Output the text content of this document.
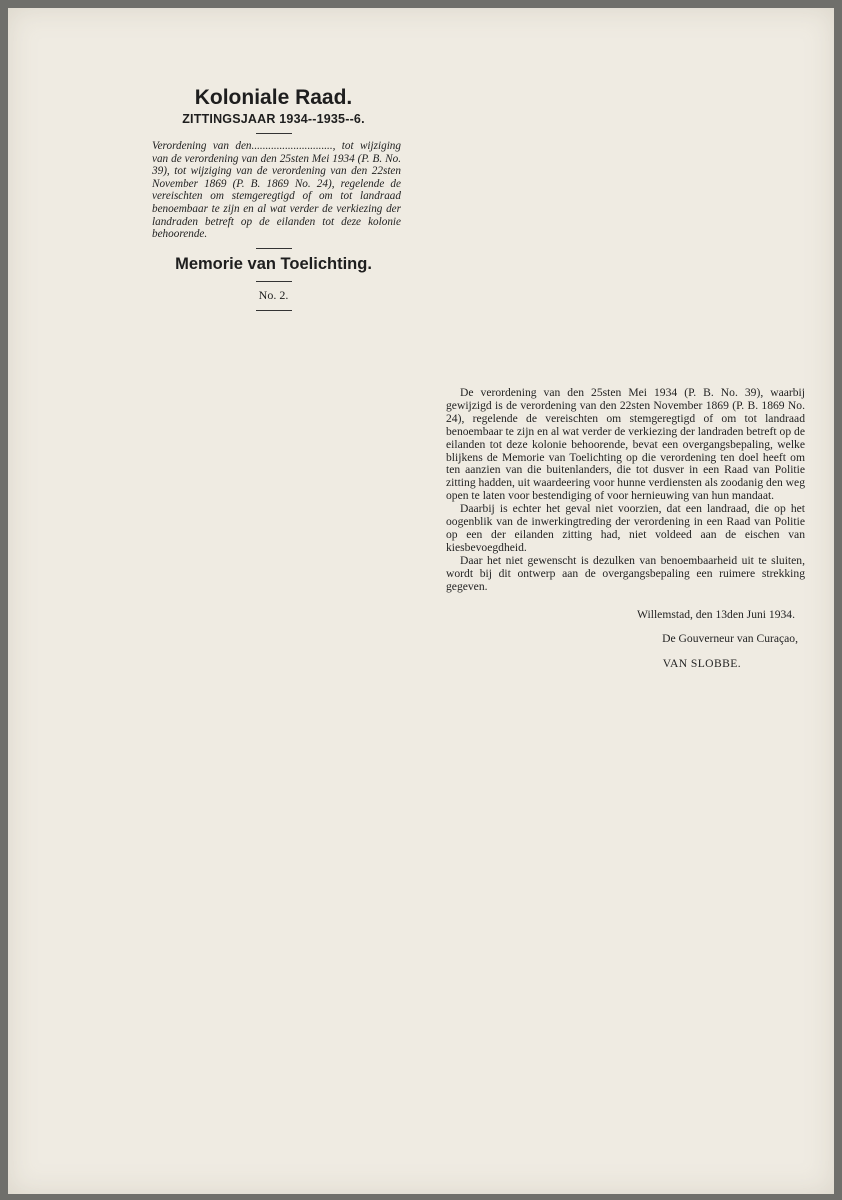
Koloniale Raad.

ZITTINGSJAAR 1934--1935--6.

Verordening van den............................., tot wijziging van de verordening van den 25sten Mei 1934 (P. B. No. 39), tot wijziging van de verordening van den 22sten November 1869 (P. B. 1869 No. 24), regelende de vereischten om stemgeregtigd of om tot landraad benoembaar te zijn en al wat verder de verkiezing der landraden betreft op de eilanden tot deze kolonie behoorende.

Memorie van Toelichting.

No. 2.

De verordening van den 25sten Mei 1934 (P. B. No. 39), waarbij gewijzigd is de verordening van den 22sten November 1869 (P. B. 1869 No. 24), regelende de vereischten om stemgeregtigd of om tot landraad benoembaar te zijn en al wat verder de verkiezing der landraden betreft op de eilanden tot deze kolonie behoorende, bevat een overgangsbepaling, welke blijkens de Memorie van Toelichting op die verordening ten doel heeft om ten aanzien van die buitenlanders, die tot dusver in een Raad van Politie zitting hadden, uit waardeering voor hunne verdiensten als zoodanig den weg open te laten voor bestendiging of voor hernieuwing van hun mandaat.

Daarbij is echter het geval niet voorzien, dat een landraad, die op het oogenblik van de inwerkingtreding der verordening in een Raad van Politie op een der eilanden zitting had, niet voldeed aan de eischen van kiesbevoegdheid.

Daar het niet gewenscht is dezulken van benoembaarheid uit te sluiten, wordt bij dit ontwerp aan de overgangsbepaling een ruimere strekking gegeven.

Willemstad, den 13den Juni 1934.

De Gouverneur van Curaçao,

VAN SLOBBE.
